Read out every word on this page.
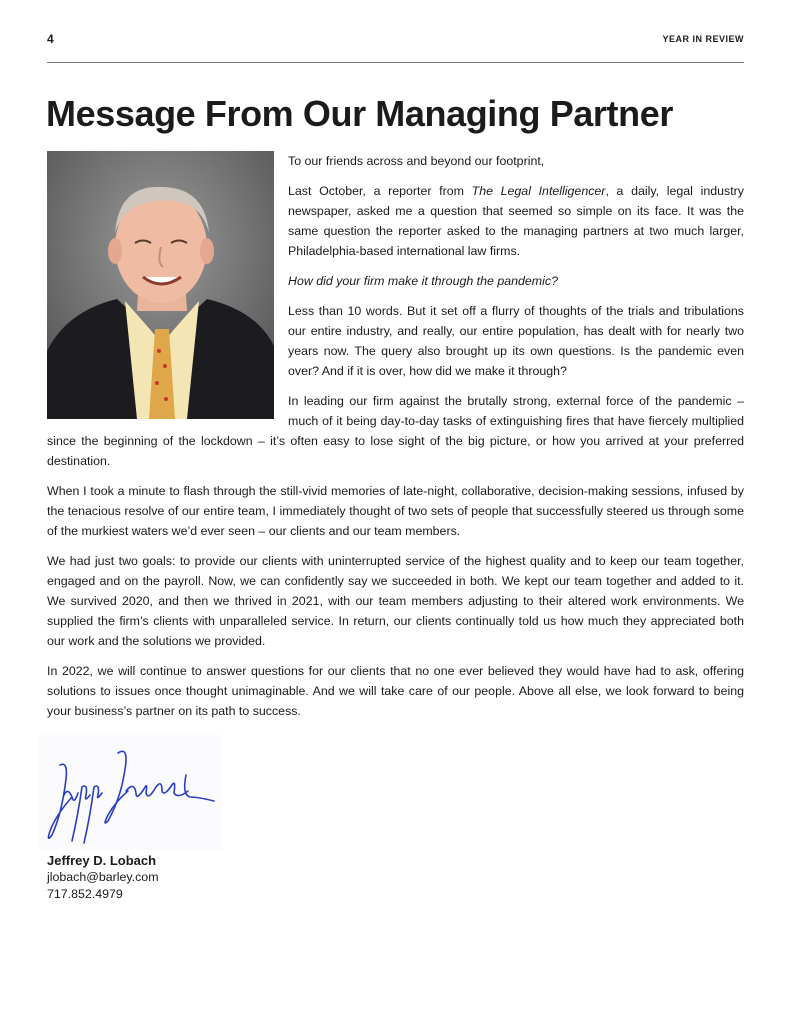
4	YEAR IN REVIEW
Message From Our Managing Partner

To our friends across and beyond our footprint,

Last October, a reporter from The Legal Intelligencer, a daily, legal industry newspaper, asked me a question that seemed so simple on its face. It was the same question the reporter asked to the managing partners at two much larger, Philadelphia-based international law firms.

How did your firm make it through the pandemic?

Less than 10 words. But it set off a flurry of thoughts of the trials and tribulations our entire industry, and really, our entire population, has dealt with for nearly two years now. The query also brought up its own questions. Is the pandemic even over? And if it is over, how did we make it through?

In leading our firm against the brutally strong, external force of the pandemic – much of it being day-to-day tasks of extinguishing fires that have fiercely multiplied since the beginning of the lockdown – it’s often easy to lose sight of the big picture, or how you arrived at your preferred destination.

When I took a minute to flash through the still-vivid memories of late-night, collaborative, decision-making sessions, infused by the tenacious resolve of our entire team, I immediately thought of two sets of people that successfully steered us through some of the murkiest waters we’d ever seen – our clients and our team members.

We had just two goals: to provide our clients with uninterrupted service of the highest quality and to keep our team together, engaged and on the payroll. Now, we can confidently say we succeeded in both. We kept our team together and added to it. We survived 2020, and then we thrived in 2021, with our team members adjusting to their altered work environments. We supplied the firm’s clients with unparalleled service. In return, our clients continually told us how much they appreciated both our work and the solutions we provided.

In 2022, we will continue to answer questions for our clients that no one ever believed they would have had to ask, offering solutions to issues once thought unimaginable. And we will take care of our people. Above all else, we look forward to being your business’s partner on its path to success.

Jeffrey D. Lobach
jlobach@barley.com
717.852.4979
